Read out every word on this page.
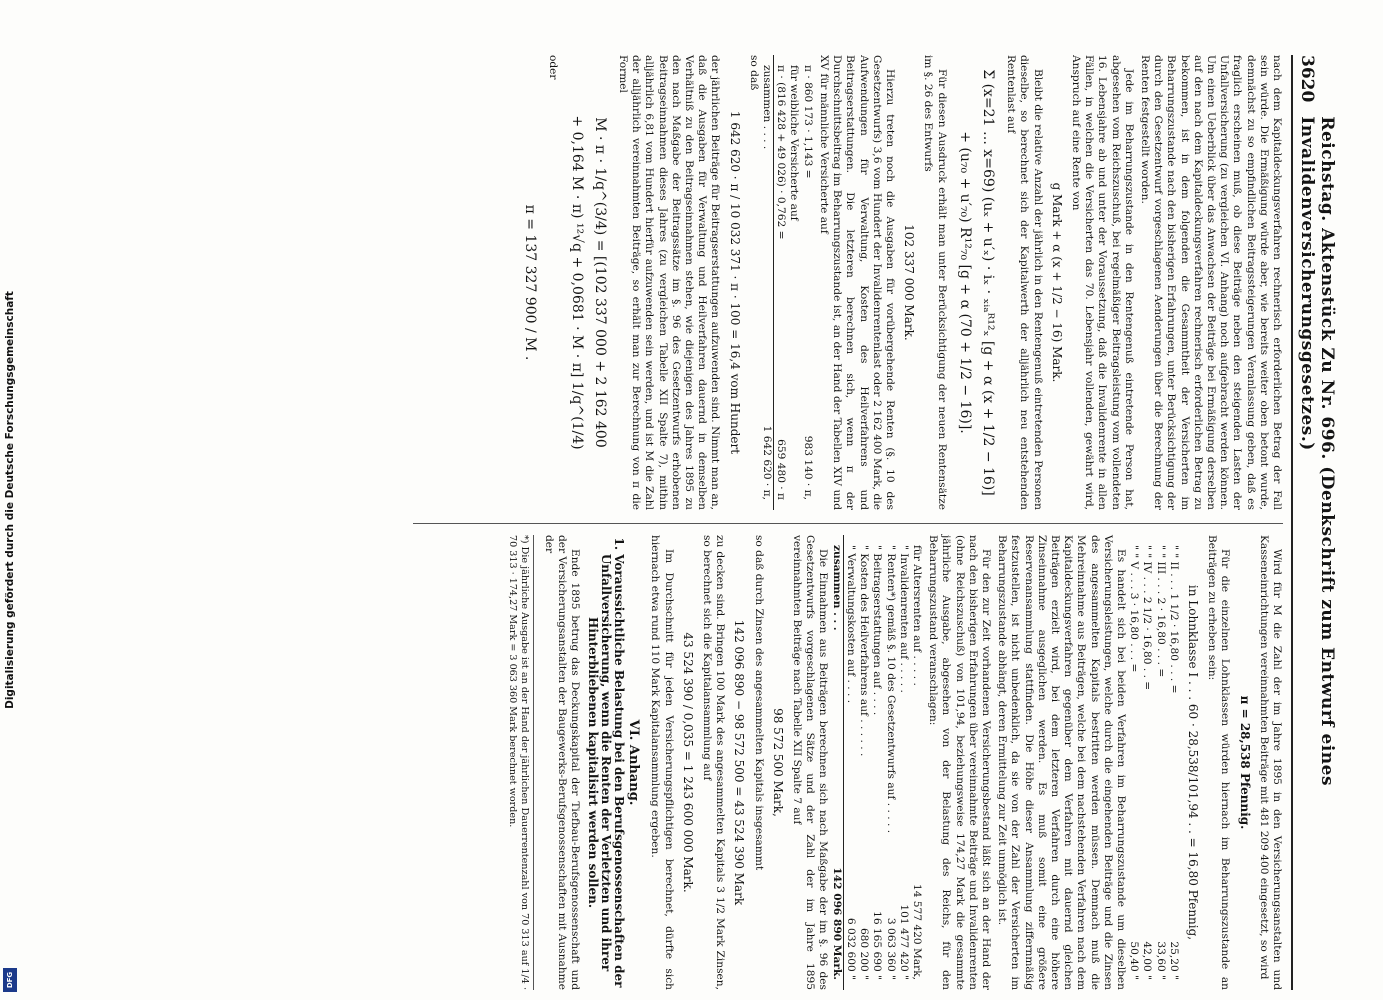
Digitalisierung gefördert durch die Deutsche Forschungsgemeinschaft
DFG
3620
Reichstag. Aktenstück Zu Nr. 696. (Denkschrift zum Entwurf eines Invalidenversicherungsgesetzes.)

nach dem Kapitaldeckungsverfahren rechnerisch erforderlichen Betrag der Fall sein würde. Die Ermäßigung würde aber, wie bereits weiter oben betont wurde, demnächst zu so empfindlichen Beitragssteigerungen Veranlassung geben, daß es fraglich erscheinen muß, ob diese Beiträge neben den steigenden Lasten der Unfallversicherung (zu vergleichen VI. Anhang) noch aufgebracht werden können. Um einen Ueberblick über das Anwachsen der Beiträge bei Ermäßigung derselben auf den nach dem Kapitaldeckungsverfahren rechnerisch erforderlichen Betrag zu bekommen, ist in dem folgenden die Gesammtheit der Versicherten im Beharrungszustande nach den bisherigen Erfahrungen, unter Berücksichtigung der durch den Gesetzentwurf vorgeschlagenen Aenderungen über die Berechnung der Renten festgestellt worden.

Jede im Beharrungszustande in den Rentengenuß eintretende Person hat, abgesehen vom Reichszuschuß, bei regelmäßiger Beitragsleistung vom vollendeten 16. Lebensjahre ab und unter der Voraussetzung, daß die Invalidenrente in allen Fällen, in welchen die Versicherten das 70. Lebensjahr vollenden, gewährt wird, Anspruch auf eine Rente von

g Mark + α (x + 1/2 − 16) Mark.

Bleibt die relative Anzahl der jährlich in den Rentengenuß eintretenden Personen dieselbe, so berechnet sich der Kapitalwerth der alljährlich neu entstehenden Rentenlast auf

Σ (x=21 … x=69) (uₓ + u′ₓ) · iₓ · ₓᵢₐᴿ¹²ₓ [g + α (x + 1/2 − 16)]
+ (u₇₀ + u′₇₀) R¹²₇₀ [g + α (70 + 1/2 − 16)].

Für diesen Ausdruck erhält man unter Berücksichtigung der neuen Rentensätze im §. 26 des Entwurfs

102 337 000 Mark.

Hierzu treten noch die Ausgaben für vorübergehende Renten (§. 10 des Gesetzentwurfs) 3,6 vom Hundert der Invalidenrentenlast oder 2 162 400 Mark, die Aufwendungen für Verwaltung, Kosten des Heilverfahrens und Beitragserstattungen. Die letzteren berechnen sich, wenn π der Durchschnittsbeitrag im Beharrungszustande ist, an der Hand der Tabellen XIV und XV für männliche Versicherte auf

π · 860 173 · 1,143 =
983 140 · π,
für weibliche Versicherte auf
π · (816 428 + 49 026) · 0,762 =
659 480 · π
zusammen . . . .
1 642 620 · π,

so daß

1 642 620 · π / 10 032 371 · π · 100 = 16,4 vom Hundert

der jährlichen Beiträge für Beitragserstattungen aufzuwenden sind. Nimmt man an, daß die Ausgaben für Verwaltung und Heilverfahren dauernd in demselben Verhältniß zu den Beitragseinnahmen stehen, wie diejenigen des Jahres 1895 zu den nach Maßgabe der Beitragssätze im §. 96 des Gesetzentwurfs erhobenen Beitragseinnahmen dieses Jahres (zu vergleichen Tabelle XII Spalte 7), mithin alljährlich 6,81 vom Hundert hierfür aufzuwenden sein werden, und ist M die Zahl der alljährlich vereinnahmten Beiträge, so erhält man zur Berechnung von π die Formel

M · π · 1/q^(3/4) = [(102 337 000 + 2 162 400
+ 0,164 M · π) ¹²√q + 0,0681 · M · π] 1/q^(1/4)

oder

π = 137 327 900 / M .

Wird für M die Zahl der im Jahre 1895 in den Versicherungsanstalten und Kasseneinrichtungen vereinnahmten Beiträge mit 481 209 400 eingesetzt, so wird

π = 28,538 Pfennig.

Für die einzelnen Lohnklassen würden hiernach im Beharrungszustande an Beiträgen zu erheben sein:

in Lohnklasse I . . . 60 · 28,538/101,94 . . = 16,80 Pfennig,
" " II . . . 1 1/2 · 16,80 . . . =
25,20 "
" " III . . . 2 · 16,80 . . . =
33,60 "
" " IV . . . 2 1/2 · 16,80 . . =
42,00 "
" " V . . . 3 · 16,80 . . . =
50,40 "

Es handelt sich bei beiden Verfahren im Beharrungszustande um dieselben Versicherungsleistungen, welche durch die eingehenden Beiträge und die Zinsen des angesammelten Kapitals bestritten werden müssen. Demnach muß die Mehreinnahme aus Beiträgen, welche bei dem nachstehenden Verfahren nach dem Kapitaldeckungsverfahren gegenüber dem Verfahren mit dauernd gleichen Beiträgen erzielt wird, bei dem letzteren Verfahren durch eine höhere Zinseinnahme ausgeglichen werden. Es muß somit eine größere Reservenansammlung stattfinden. Die Höhe dieser Ansammlung ziffernmäßig festzustellen, ist nicht unbedenklich, da sie von der Zahl der Versicherten im Beharrungszustande abhängt, deren Ermittelung zur Zeit unmöglich ist.

Für den zur Zeit vorhandenen Versicherungsbestand läßt sich an der Hand der nach den bisherigen Erfahrungen über vereinnahmte Beiträge und Invalidenrenten (ohne Reichszuschuß) von 101,94, beziehungsweise 174,27 Mark die gesammte jährliche Ausgabe, abgesehen von der Belastung des Reichs, für den Beharrungszustand veranschlagen:

für Altersrenten auf . . . . .
14 577 420 Mark,
" Invalidenrenten auf . . . . .
101 477 420 "
" Renten*) gemäß §. 10 des Gesetzentwurfs auf . . . . .
3 063 360 "
" Beitragserstattungen auf . . . .
16 165 690 "
" Kosten des Heilverfahrens auf . . . . . .
680 200 "
" Verwaltungskosten auf . . . .
6 032 600 "
zusammen . . .
142 096 890 Mark.

Die Einnahmen aus Beiträgen berechnen sich nach Maßgabe der im §. 96 des Gesetzentwurfs vorgeschlagenen Sätze und der Zahl der im Jahre 1895 vereinnahmten Beiträge nach Tabelle XII Spalte 7 auf

98 572 500 Mark,

so daß durch Zinsen des angesammelten Kapitals insgesammt

142 096 890 − 98 572 500 = 43 524 390 Mark

zu decken sind. Bringen 100 Mark des angesammelten Kapitals 3 1/2 Mark Zinsen, so berechnet sich die Kapitalansammlung auf

43 524 390 / 0,035 = 1 243 600 000 Mark.

Im Durchschnitt für jeden Versicherungspflichtigen berechnet, dürfte sich hiernach etwa rund 110 Mark Kapitalansammlung ergeben.

VI. Anhang.
1. Voraussichtliche Belastung bei den Berufsgenossenschaften der Unfallversicherung, wenn die Renten der Verletzten und ihrer Hinterbliebenen kapitalisirt werden sollen.

Ende 1895 betrug das Deckungskapital der Tiefbau-Berufsgenossenschaft und der Versicherungsanstalten der Baugewerks-Berufsgenossenschaften mit Ausnahme der

*) Die jährliche Ausgabe ist an der Hand der jährlichen Dauerrentenzahl von 70 313 auf 1/4 · 70 313 · 174,27 Mark = 3 063 360 Mark berechnet worden.
